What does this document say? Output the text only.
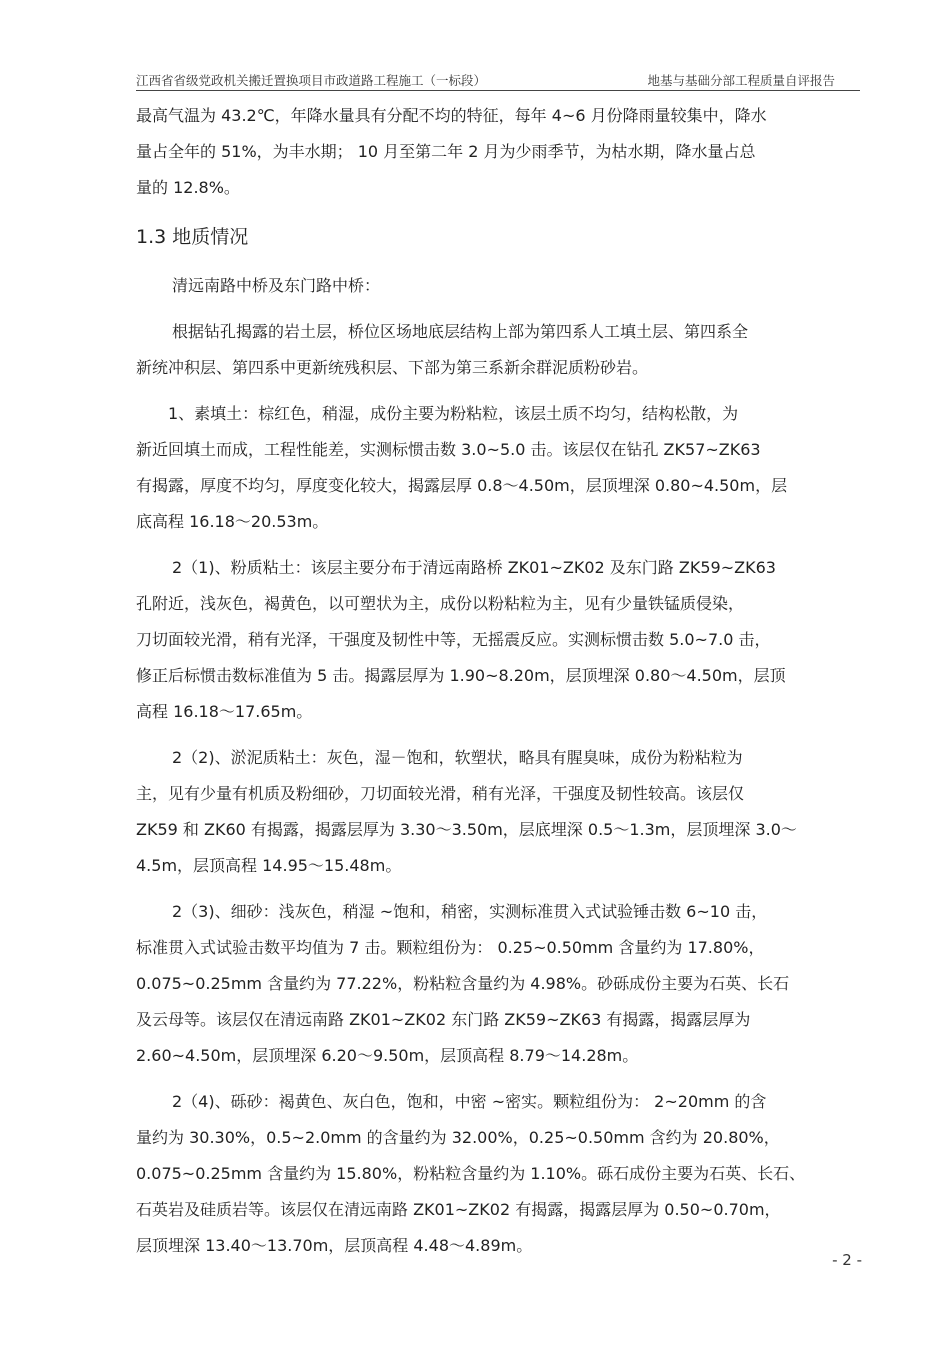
江西省省级党政机关搬迁置换项目市政道路工程施工（一标段）	地基与基础分部工程质量自评报告
最高气温为 43.2℃，年降水量具有分配不均的特征，每年 4~6 月份降雨量较集中，降水
量占全年的 51%，为丰水期； 10 月至第二年 2 月为少雨季节，为枯水期，降水量占总
量的 12.8%。
1.3 地质情况
清远南路中桥及东门路中桥：
根据钻孔揭露的岩土层，桥位区场地底层结构上部为第四系人工填土层、第四系全
新统冲积层、第四系中更新统残积层、下部为第三系新余群泥质粉砂岩。
1、素填土：棕红色，稍湿，成份主要为粉粘粒，该层土质不均匀，结构松散，为
新近回填土而成，工程性能差，实测标惯击数 3.0~5.0 击。该层仅在钻孔 ZK57~ZK63
有揭露，厚度不均匀，厚度变化较大，揭露层厚 0.8～4.50m，层顶埋深 0.80~4.50m，层
底高程 16.18～20.53m。
2（1)、粉质粘土：该层主要分布于清远南路桥 ZK01~ZK02 及东门路 ZK59~ZK63
孔附近，浅灰色，褐黄色，以可塑状为主，成份以粉粘粒为主，见有少量铁锰质侵染，
刀切面较光滑，稍有光泽，干强度及韧性中等，无摇震反应。实测标惯击数 5.0~7.0 击，
修正后标惯击数标准值为 5 击。揭露层厚为 1.90~8.20m，层顶埋深 0.80～4.50m，层顶
高程 16.18～17.65m。
2（2)、淤泥质粘土：灰色，湿－饱和，软塑状，略具有腥臭味，成份为粉粘粒为
主，见有少量有机质及粉细砂，刀切面较光滑，稍有光泽，干强度及韧性较高。该层仅
ZK59 和 ZK60 有揭露，揭露层厚为 3.30～3.50m，层底埋深 0.5～1.3m，层顶埋深 3.0～
4.5m，层顶高程 14.95～15.48m。
2（3)、细砂：浅灰色，稍湿 ~饱和，稍密，实测标准贯入式试验锤击数 6~10 击，
标准贯入式试验击数平均值为 7 击。颗粒组份为： 0.25~0.50mm 含量约为 17.80%，
0.075~0.25mm 含量约为 77.22%，粉粘粒含量约为 4.98%。砂砾成份主要为石英、长石
及云母等。该层仅在清远南路 ZK01~ZK02 东门路 ZK59~ZK63 有揭露，揭露层厚为
2.60~4.50m，层顶埋深 6.20～9.50m，层顶高程 8.79～14.28m。
2（4)、砾砂：褐黄色、灰白色，饱和，中密 ~密实。颗粒组份为： 2~20mm 的含
量约为 30.30%，0.5~2.0mm 的含量约为 32.00%，0.25~0.50mm 含约为 20.80%，
0.075~0.25mm 含量约为 15.80%，粉粘粒含量约为 1.10%。砾石成份主要为石英、长石、
石英岩及硅质岩等。该层仅在清远南路 ZK01~ZK02 有揭露，揭露层厚为 0.50~0.70m，
层顶埋深 13.40～13.70m，层顶高程 4.48～4.89m。
- 2 -
